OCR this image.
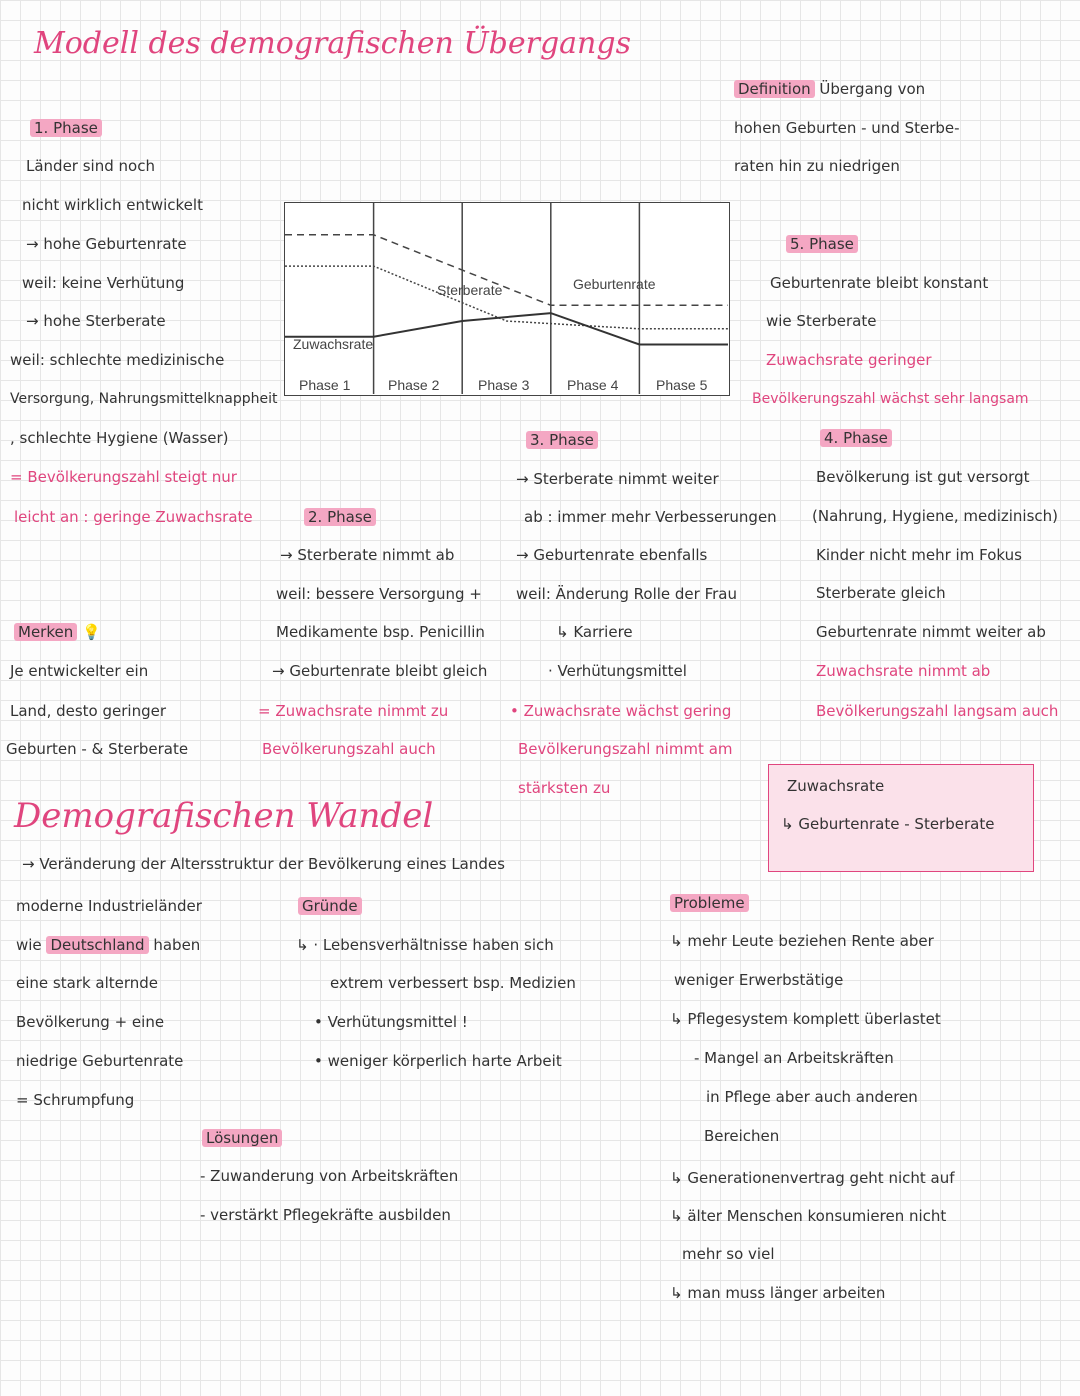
Modell des demografischen Übergangs
Definition Übergang von
hohen Geburten - und Sterbe-
raten hin zu niedrigen
1. Phase
Länder sind noch
nicht wirklich entwickelt
→ hohe Geburtenrate
weil: keine Verhütung
→ hohe Sterberate
weil: schlechte medizinische
Versorgung, Nahrungsmittelknappheit
, schlechte Hygiene (Wasser)
= Bevölkerungszahl steigt nur
leicht an : geringe Zuwachsrate
Sterberate	Geburtenrate
Zuwachsrate
Phase 1	Phase 2	Phase 3	Phase 4	Phase 5
5. Phase
Geburtenrate bleibt konstant
wie Sterberate
Zuwachsrate geringer
Bevölkerungszahl wächst sehr langsam
4. Phase
Bevölkerung ist gut versorgt
(Nahrung, Hygiene, medizinisch)
Kinder nicht mehr im Fokus
Sterberate gleich
Geburtenrate nimmt weiter ab
Zuwachsrate nimmt ab
Bevölkerungszahl langsam auch
3. Phase
→ Sterberate nimmt weiter
ab : immer mehr Verbesserungen
→ Geburtenrate ebenfalls
weil: Änderung Rolle der Frau
↳ Karriere
· Verhütungsmittel
• Zuwachsrate wächst gering
Bevölkerungszahl nimmt am
stärksten zu
2. Phase
→ Sterberate nimmt ab
weil: bessere Versorgung +
Medikamente bsp. Penicillin
→ Geburtenrate bleibt gleich
= Zuwachsrate nimmt zu
Bevölkerungszahl auch
Merken 💡
Je entwickelter ein
Land, desto geringer
Geburten - & Sterberate
Zuwachsrate
↳ Geburtenrate - Sterberate
Demografischen Wandel
→ Veränderung der Altersstruktur der Bevölkerung eines Landes
moderne Industrieländer
wie Deutschland haben
eine stark alternde
Bevölkerung + eine
niedrige Geburtenrate
= Schrumpfung
Gründe
↳ · Lebensverhältnisse haben sich
extrem verbessert bsp. Medizien
• Verhütungsmittel !
• weniger körperlich harte Arbeit
Lösungen
- Zuwanderung von Arbeitskräften
- verstärkt Pflegekräfte ausbilden
Probleme
↳ mehr Leute beziehen Rente aber
weniger Erwerbstätige
↳ Pflegesystem komplett überlastet
- Mangel an Arbeitskräften
in Pflege aber auch anderen
Bereichen
↳ Generationenvertrag geht nicht auf
↳ älter Menschen konsumieren nicht
mehr so viel
↳ man muss länger arbeiten
